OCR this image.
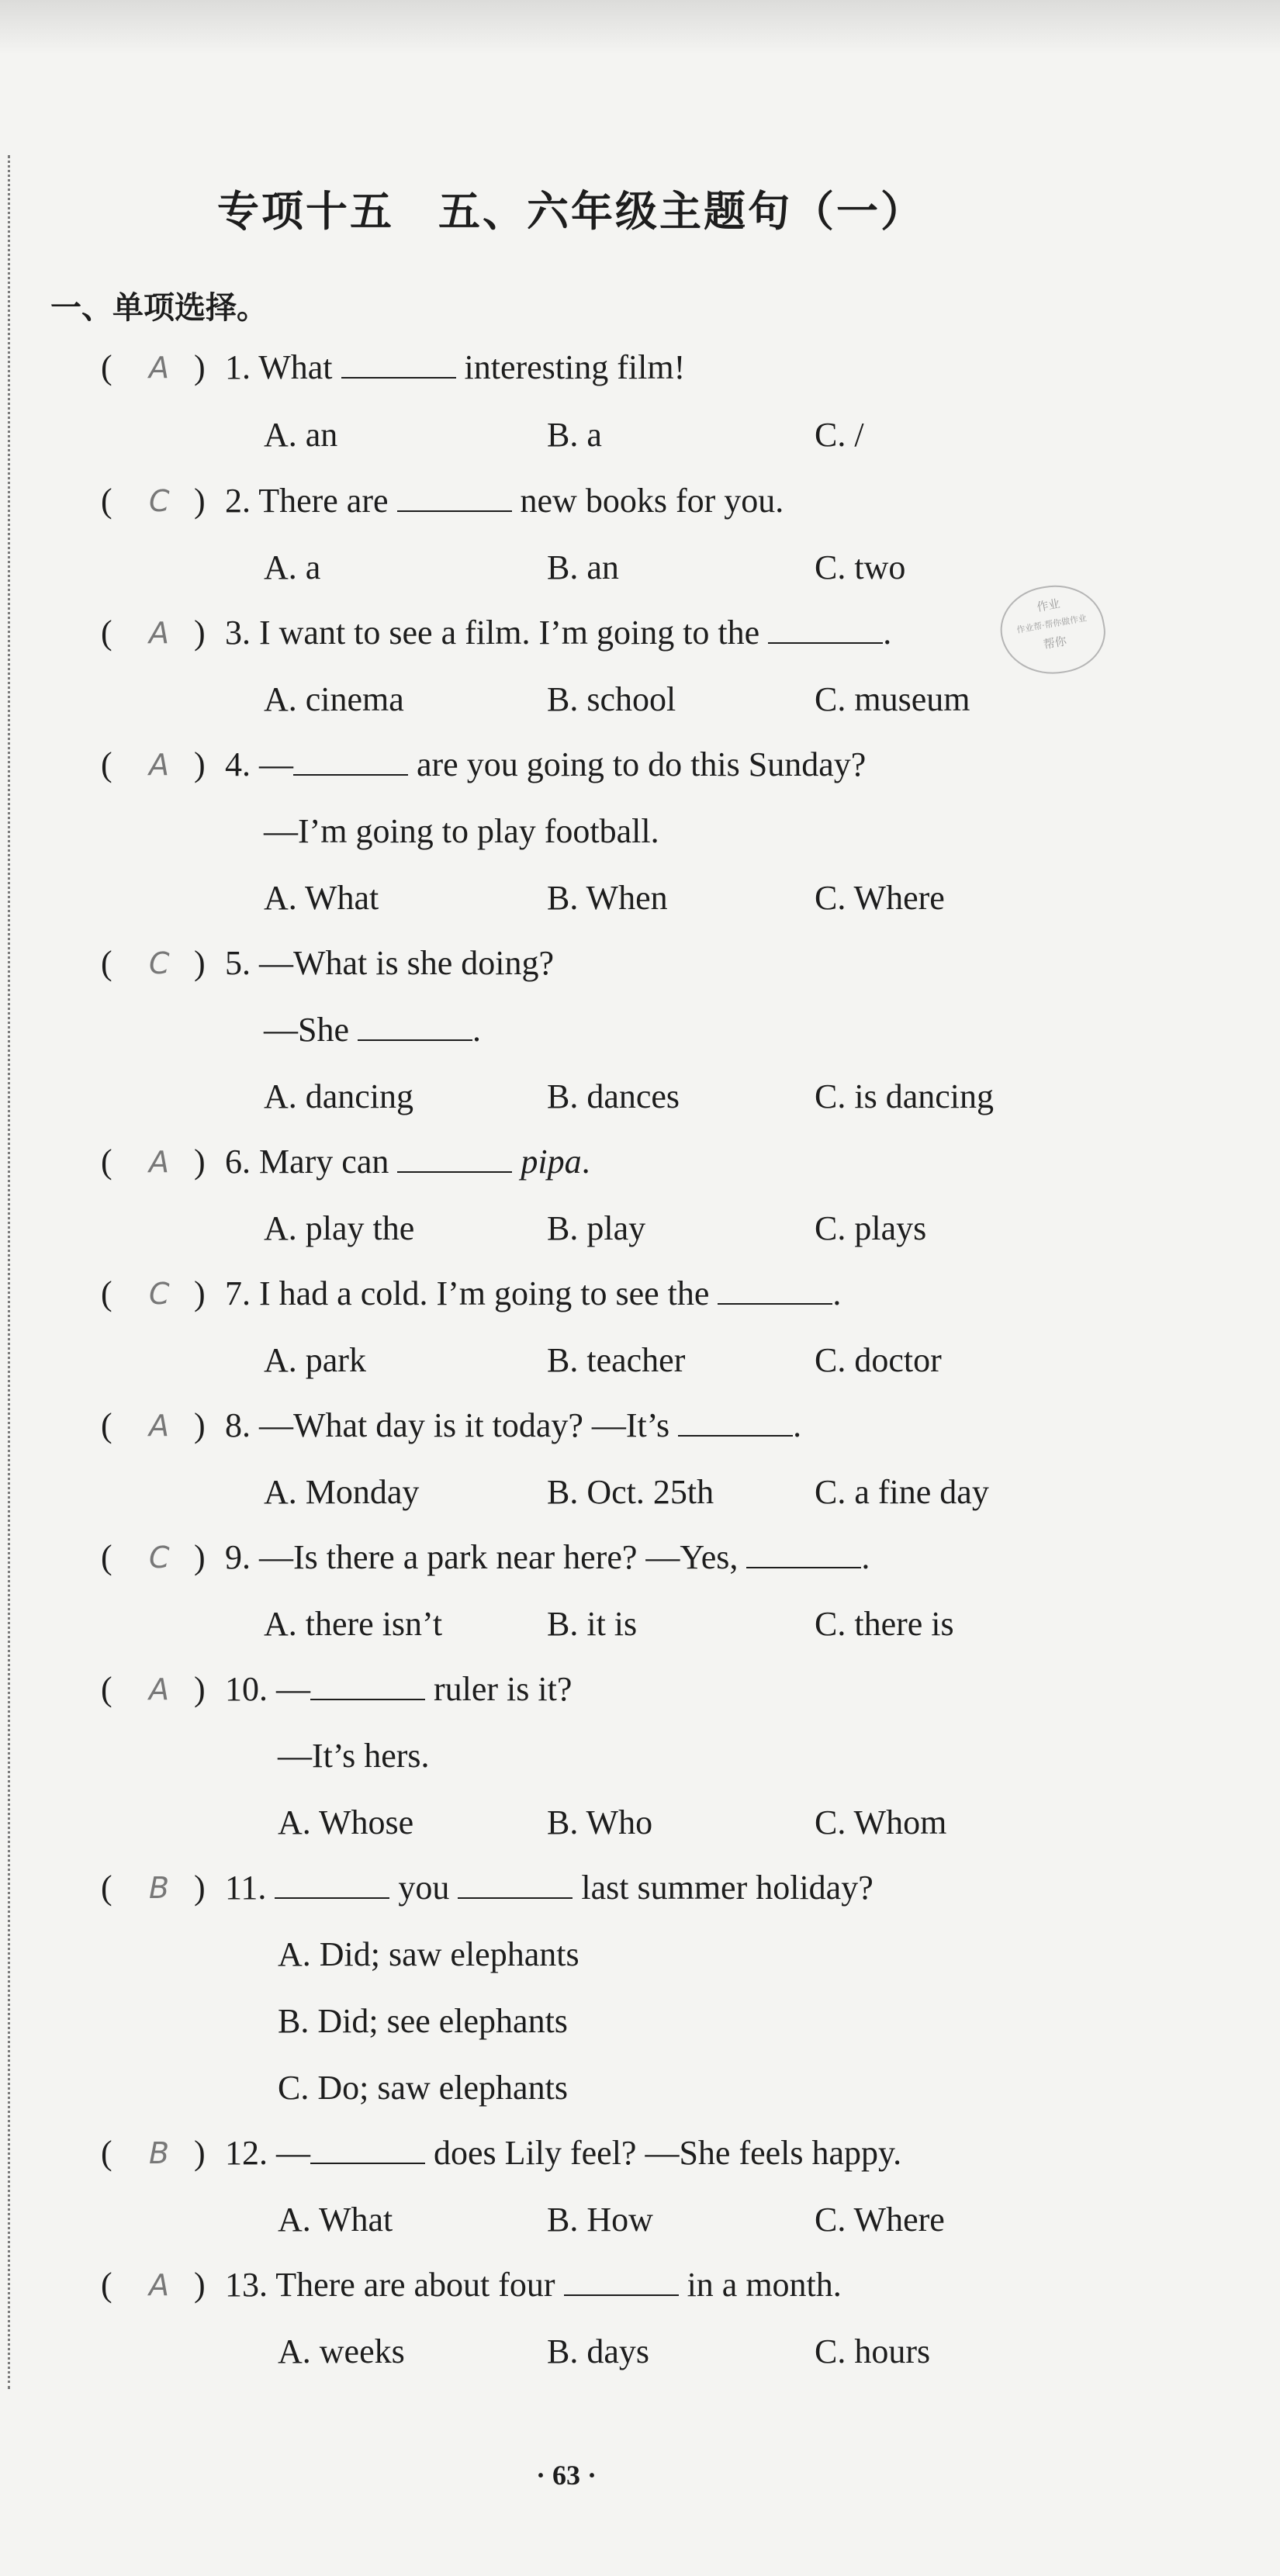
专项十五　五、六年级主题句（一）
一、单项选择。
作业
作业帮·帮你做作业
帮你
( A ) 1. What	interesting film!
A. an	B. a	C. /
( C ) 2. There are	new books for you.
A. a	B. an	C. two
( A ) 3. I want to see a film. I’m going to the	.
A. cinema	B. school	C. museum
( A ) 4. —	are you going to do this Sunday?
—I’m going to play football.
A. What	B. When	C. Where
( C ) 5. —What is she doing?
—She	.
A. dancing	B. dances	C. is dancing
( A ) 6. Mary can	pipa.
A. play the	B. play	C. plays
( C ) 7. I had a cold. I’m going to see the	.
A. park	B. teacher	C. doctor
( A ) 8. —What day is it today? —It’s	.
A. Monday	B. Oct. 25th	C. a fine day
( C ) 9. —Is there a park near here? —Yes,	.
A. there isn’t	B. it is	C. there is
( A ) 10. —	ruler is it?
—It’s hers.
A. Whose	B. Who	C. Whom
( B ) 11.	you	last summer holiday?
A. Did; saw elephants
B. Did; see elephants
C. Do; saw elephants
( B ) 12. —	does Lily feel? —She feels happy.
A. What	B. How	C. Where
( A ) 13. There are about four	in a month.
A. weeks	B. days	C. hours
· 63 ·
